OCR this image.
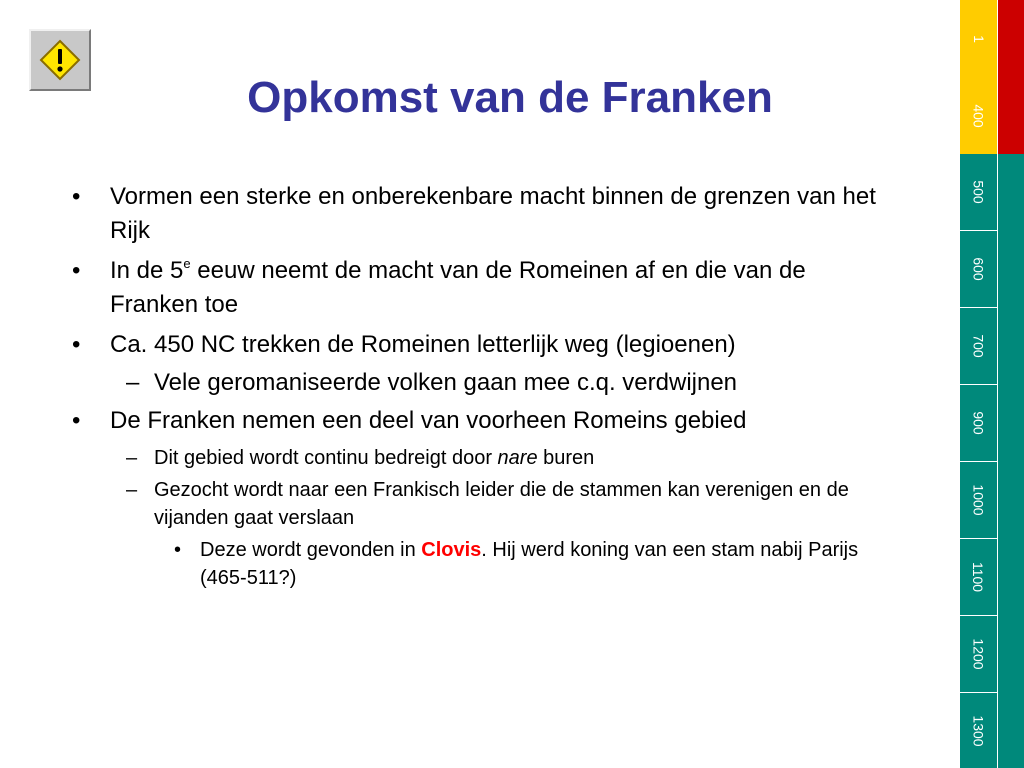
Opkomst van de Franken
• Vormen een sterke en onberekenbare macht binnen de grenzen van het Rijk
• In de 5e eeuw neemt de macht van de Romeinen af en die van de Franken toe
• Ca. 450 NC trekken de Romeinen letterlijk weg (legioenen)
– Vele geromaniseerde volken gaan mee c.q. verdwijnen
• De Franken nemen een deel van voorheen Romeins gebied
– Dit gebied wordt continu bedreigt door nare buren
– Gezocht wordt naar een Frankisch leider die de stammen kan verenigen en de vijanden gaat verslaan
• Deze wordt gevonden in Clovis. Hij werd koning van een stam nabij Parijs (465-511?)
1
400
500
600
700
900
1000
1100
1200
1300
